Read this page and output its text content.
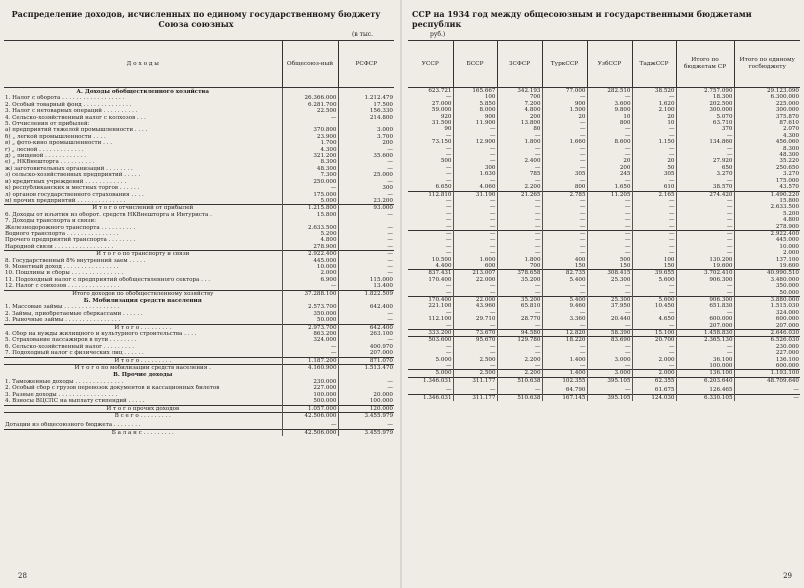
Распределение доходов, исчисленных по единому государственному бюджету Союза союзных
(в тыс.
Д о х о д ы	Общесоюз-ный	РСФСР
А. Доходы обобществленного хозяйства		
1. Налог с оборота . . . . . . . . . . . . . . . . . .	26.366.000	1.212.479
2. Особый товарный фонд . . . . . . . . . . . . . .	6.281.700	17.500
3. Налог с нетоварных операций . . . . . . . . . .	22.500	156.330
4. Сельско-хозяйственный налог с колхозов . . .	—	214.800
5. Отчисления от прибылей:		
а) предприятий тяжелой промышленности . . . .	370.800	3.000
б) „ легкой промышленности . . . .	23.900	3.700
в) „ фото-кино промышленности . . .	1.700	200
г) „ лесной . . . . . . . . . . . . .	4.300	—
д) „ пищевой . . . . . . . . . . . .	321.200	35.600
е) „ НКВнешторга . . . . . . . . . .	8.300	—
ж) заготовительных организаций . . . . . . . .	48.300	—
з) сельско-хозяйственных предприятий . . . . .	7.300	25.000
и) кредитных учреждений . . . . . . . . . . . .	250.000	—
к) республиканских и местных торгов . . . . . .	—	300
л) органов государственного страхования . . . .	175.000	—
м) прочих предприятий . . . . . . . . . . . . . .	5.000	23.200
И т о г о отчислений от прибылей	1.215.800	93.000
6. Доходы от изъятия из оборот. средств НКВнешторга и Интуриста .	15.800	—
7. Доходы транспорта и связи:		
Железнодорожного транспорта . . . . . . . . . .	2.633.500	—
Водного транспорта . . . . . . . . . . . . . . .	5.200	—
Прочего предприятий транспорта . . . . . . . .	4.800	—
Народной связи . . . . . . . . . . . . . . . . .	278.900	—
И т о г о по транспорту и связи	2.922.400	—
8. Государственный 8% внутренний заем . . . . .	445.000	—
9. Монетный доход . . . . . . . . . . . . . . . .	10.000	—
10. Пошлины и сборы . . . . . . . . . . . . . . .	2.000	—
11. Подоходный налог с предприятий обобществленного сектора . . .	6.900	115.000
12. Налог с совхозов . . . . . . . . . . . . . . .	—	13.400
Итого доходов по обобществленному хозяйству	37.288.100	1.822.509
Б. Мобилизация средств населения		
1. Массовые займы . . . . . . . . . . . . . . . .	2.573.700	642.400
2. Займы, приобретаемые сберкассами . . . . . .	350.000	—
3. Рыночные займы . . . . . . . . . . . . . . . .	50.000	—
И т о г о . . . . . . . . .	2.973.700	642.400
4. Сбор на нужды жилищного и культурного строительства . . . .	863.200	263.100
5. Страхование пассажиров в пути . . . . . . . .	324.000	—
6. Сельско-хозяйственный налог . . . . . . . . .	—	400.970
7. Подоходный налог с физических лиц . . . . . .	—	207.000
И т о г о . . . . . . . . .	1.187.200	871.070
И т о г о по мобилизации средств населения .	4.160.900	1.513.470
В. Прочие доходы		
1. Таможенные доходы . . . . . . . . . . . . . .	230.000	—
2. Особый сбор с грузов перевозок документов и кассационных билетов	227.000	—
3. Разные доходы . . . . . . . . . . . . . . . . .	100.000	20.000
4. Взносы ВЦСПС на выплату стипендий . . . . .	500.000	100.000
И т о г о прочих доходов	1.057.000	120.000
В с е г о . . . . . . . . .	42.506.000	3.455.979

Дотации из общесоюзного бюджета . . . . . . . .	—	—
Б а л а н с . . . . . . . . .	42.506.000	3.455.979
28
ССР на 1934 год между общесоюзным и государственными бюджетами республик
руб.)
УССР	БССР	ЗСФСР	ТуркССР	УзбССР	ТаджССР	Итого по бюджетам СР	Итого по единому госбюджету

623.721	165.667	342.193	77.000	282.510	38.520	2.757.090	29.123.090
—	100	700	—	—	—	18.300	6.300.000
27.000	5.850	7.200	900	3.600	1.620	202.500	225.000
59.000	8.000	4.800	1.500	9.800	2.100	300.000	300.000

920	900	200	20	10	20	5.070	375.870
31.500	11.900	13.800	—	800	10	63.710	87.610
90	—	80	—	—	—	370	2.070
—	—	—	—	—	—	—	4.300
73.150	12.900	1.800	1.660	8.600	1.150	134.860	456.060
—	—	—	—	—	—	—	8.300
—	—	—	—	—	—	—	48.300
500	—	2.400	—	20	20	27.920	35.220
—	300	—	—	200	50	650	250.650
—	1.630	785	305	245	305	3.270	3.270
—	—	—	—	—	—	—	175.000
6.650	4.060	2.200	800	1.650	610	38.570	43.570
112.810	31.190	21.265	2.785	11.205	2.165	274.420	1.490.220
—	—	—	—	—	—	—	15.800

—	—	—	—	—	—	—	2.633.500
—	—	—	—	—	—	—	5.200
—	—	—	—	—	—	—	4.800
—	—	—	—	—	—	—	278.900
—	—	—	—	—	—	—	2.922.400
—	—	—	—	—	—	—	445.000
—	—	—	—	—	—	—	10.000
—	—	—	—	—	—	—	2.000
10.500	1.600	1.800	400	500	100	130.200	137.100
4.400	600	700	150	150	150	19.600	19.600
837.431	213.007	378.658	82.735	308.415	39.655	3.702.410	40.990.510

170.400	22.000	35.200	5.400	25.300	5.600	906.300	3.480.000
—	—	—	—	—	—	—	350.000
—	—	—	—	—	—	—	50.000
170.400	22.000	35.200	5.400	25.300	5.600	906.300	3.880.000
221.100	43.960	65.810	9.460	37.950	10.450	651.830	1.515.030
—	—	—	—	—	—	—	324.000
112.100	29.710	28.770	3.360	20.440	4.650	600.000	600.000
—	—	—	—	—	—	207.000	207.000
333.200	73.670	94.580	12.820	58.390	15.100	1.458.830	2.646.030
503.600	95.670	129.780	18.220	83.690	20.700	2.365.130	6.526.030

—	—	—	—	—	—	—	230.000
—	—	—	—	—	—	—	227.000
5.000	2.500	2.200	1.400	3.000	2.000	36.100	136.100
—	—	—	—	—	—	100.000	600.000
5.000	2.500	2.200	1.400	3.000	2.000	136.100	1.193.100
1.346.031	311.177	510.638	102.355	395.105	62.355	6.203.640	48.709.640

—	—	—	64.790	—	61.675	126.465	—
1.346.031	311.177	510.638	167.145	395.105	124.030	6.330.105	—
29
